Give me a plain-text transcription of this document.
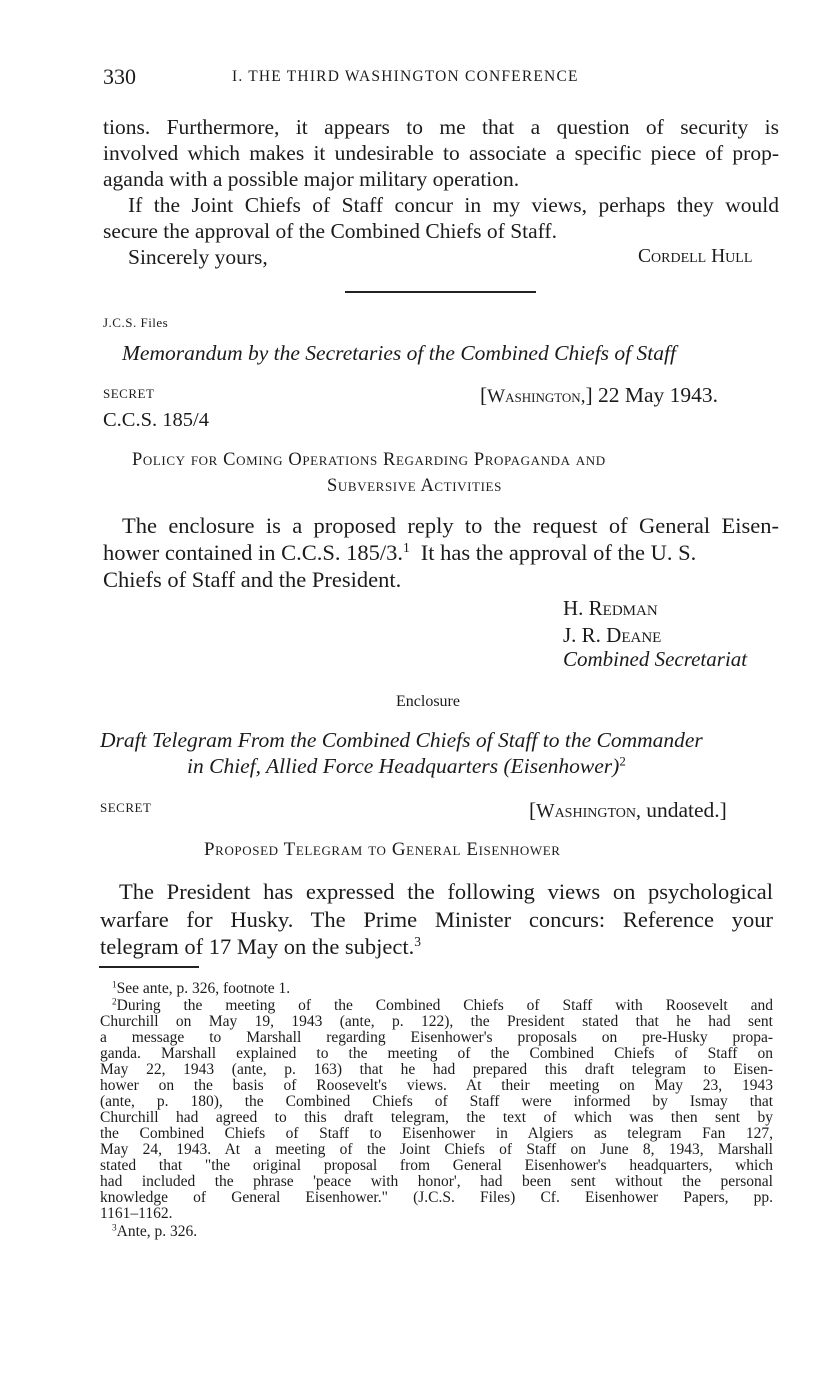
330	I. THE THIRD WASHINGTON CONFERENCE
tions. Furthermore, it appears to me that a question of security is
involved which makes it undesirable to associate a specific piece of prop-
aganda with a possible major military operation.
If the Joint Chiefs of Staff concur in my views, perhaps they would
secure the approval of the Combined Chiefs of Staff.
Sincerely yours,	Cordell Hull
J.C.S. Files
Memorandum by the Secretaries of the Combined Chiefs of Staff
SECRET	[Washington,] 22 May 1943.
C.C.S. 185/4
Policy for Coming Operations Regarding Propaganda and
Subversive Activities
The enclosure is a proposed reply to the request of General Eisen-
hower contained in C.C.S. 185/3.$^1$ It has the approval of the U. S.
Chiefs of Staff and the President.
H. Redman
J. R. Deane
Combined Secretariat
Enclosure
Draft Telegram From the Combined Chiefs of Staff to the Commander
in Chief, Allied Force Headquarters (Eisenhower)$^2$
SECRET	[Washington, undated.]
Proposed Telegram to General Eisenhower
The President has expressed the following views on psychological
warfare for Husky. The Prime Minister concurs: Reference your
telegram of 17 May on the subject.$^3$
$^1$See ante, p. 326, footnote 1.
$^2$During the meeting of the Combined Chiefs of Staff with Roosevelt and
Churchill on May 19, 1943 (ante, p. 122), the President stated that he had sent
a message to Marshall regarding Eisenhower's proposals on pre-Husky propa-
ganda. Marshall explained to the meeting of the Combined Chiefs of Staff on
May 22, 1943 (ante, p. 163) that he had prepared this draft telegram to Eisen-
hower on the basis of Roosevelt's views. At their meeting on May 23, 1943
(ante, p. 180), the Combined Chiefs of Staff were informed by Ismay that
Churchill had agreed to this draft telegram, the text of which was then sent by
the Combined Chiefs of Staff to Eisenhower in Algiers as telegram Fan 127,
May 24, 1943. At a meeting of the Joint Chiefs of Staff on June 8, 1943, Marshall
stated that "the original proposal from General Eisenhower's headquarters, which
had included the phrase 'peace with honor', had been sent without the personal
knowledge of General Eisenhower." (J.C.S. Files) Cf. Eisenhower Papers, pp.
1161–1162.
$^3$Ante, p. 326.
